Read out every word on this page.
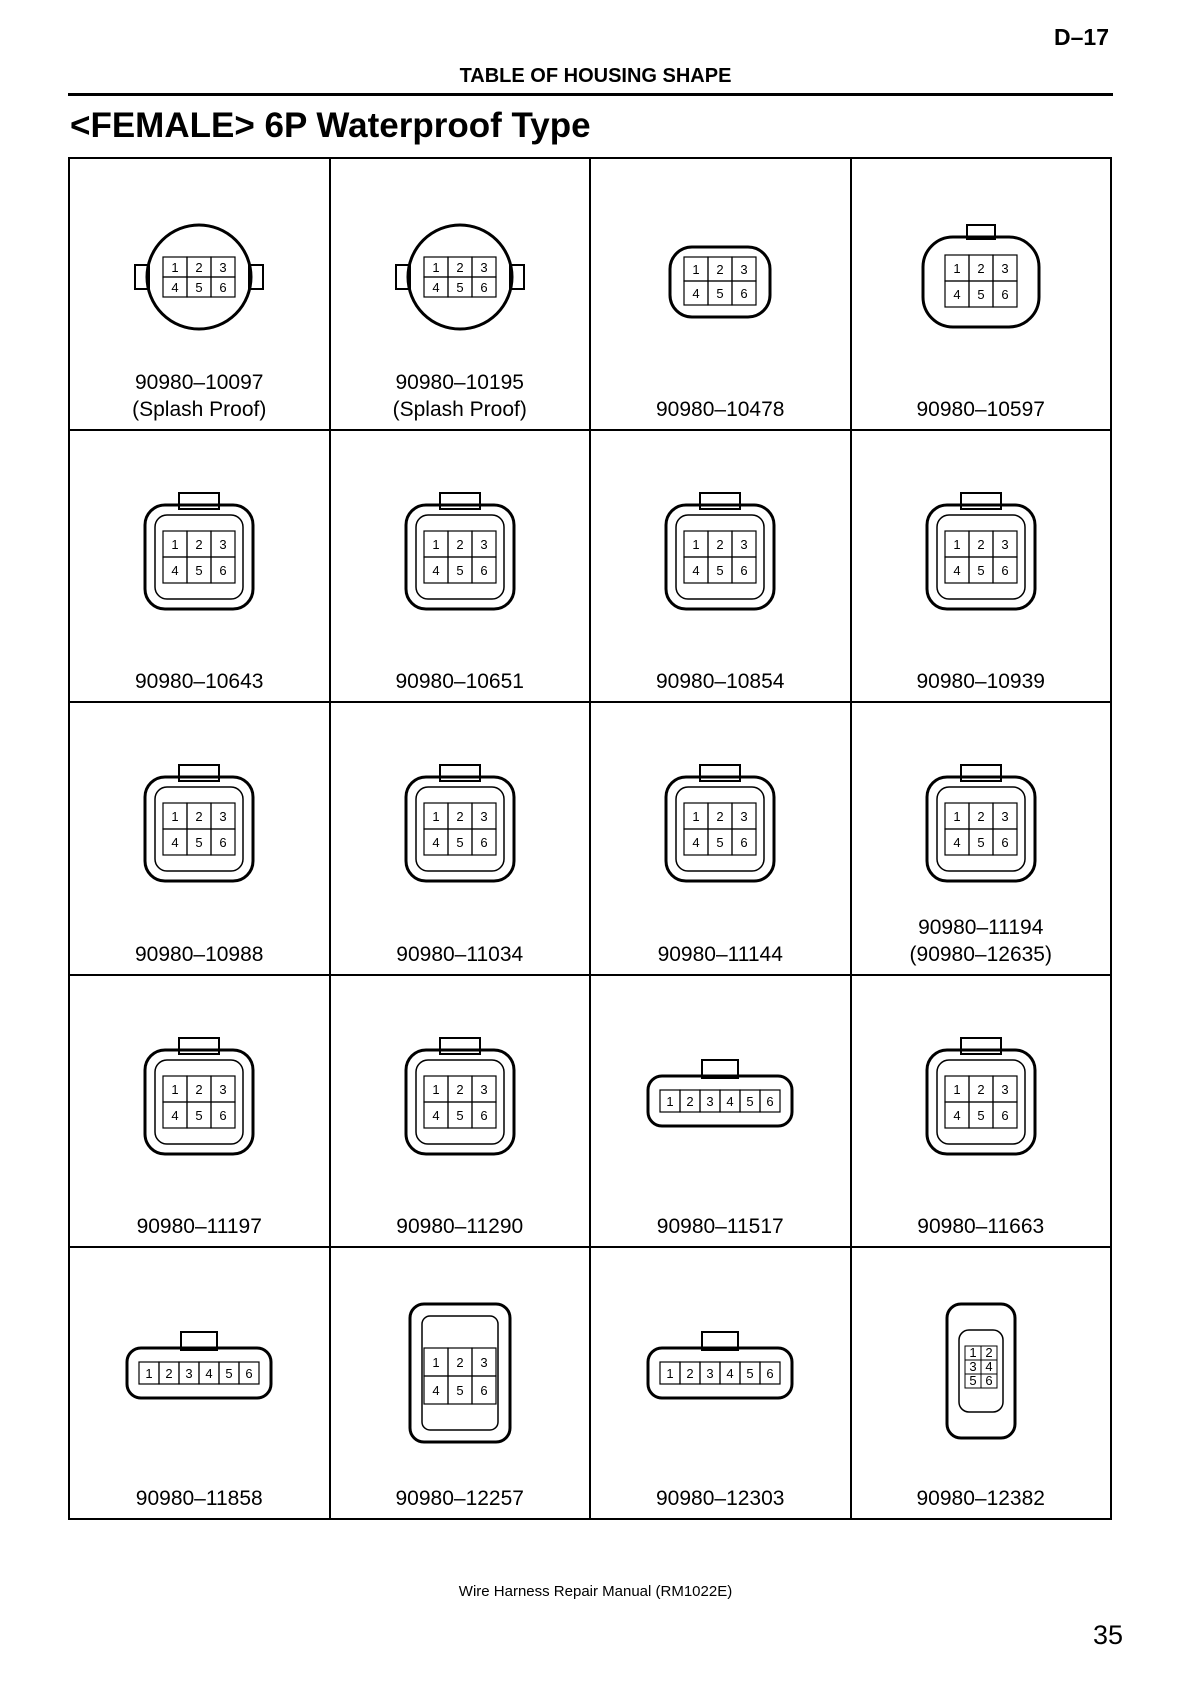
D–17
TABLE OF HOUSING SHAPE
<FEMALE> 6P Waterproof Type
1 2 3
4 5 6
90980–10097
(Splash Proof)
1 2 3
4 5 6
90980–10195
(Splash Proof)
1 2 3
4 5 6
90980–10478
1 2 3
4 5 6
90980–10597
1 2 3
4 5 6
90980–10643
1 2 3
4 5 6
90980–10651
1 2 3
4 5 6
90980–10854
1 2 3
4 5 6
90980–10939
1 2 3
4 5 6
90980–10988
1 2 3
4 5 6
90980–11034
1 2 3
4 5 6
90980–11144
1 2 3
4 5 6
90980–11194
(90980–12635)
1 2 3
4 5 6
90980–11197
1 2 3
4 5 6
90980–11290
1 2 3 4 5 6
90980–11517
1 2 3
4 5 6
90980–11663
1 2 3 4 5 6
90980–11858
1 2 3
4 5 6
90980–12257
1 2 3 4 5 6
90980–12303
1 2
3 4
5 6
90980–12382
Wire Harness Repair Manual (RM1022E)
35
